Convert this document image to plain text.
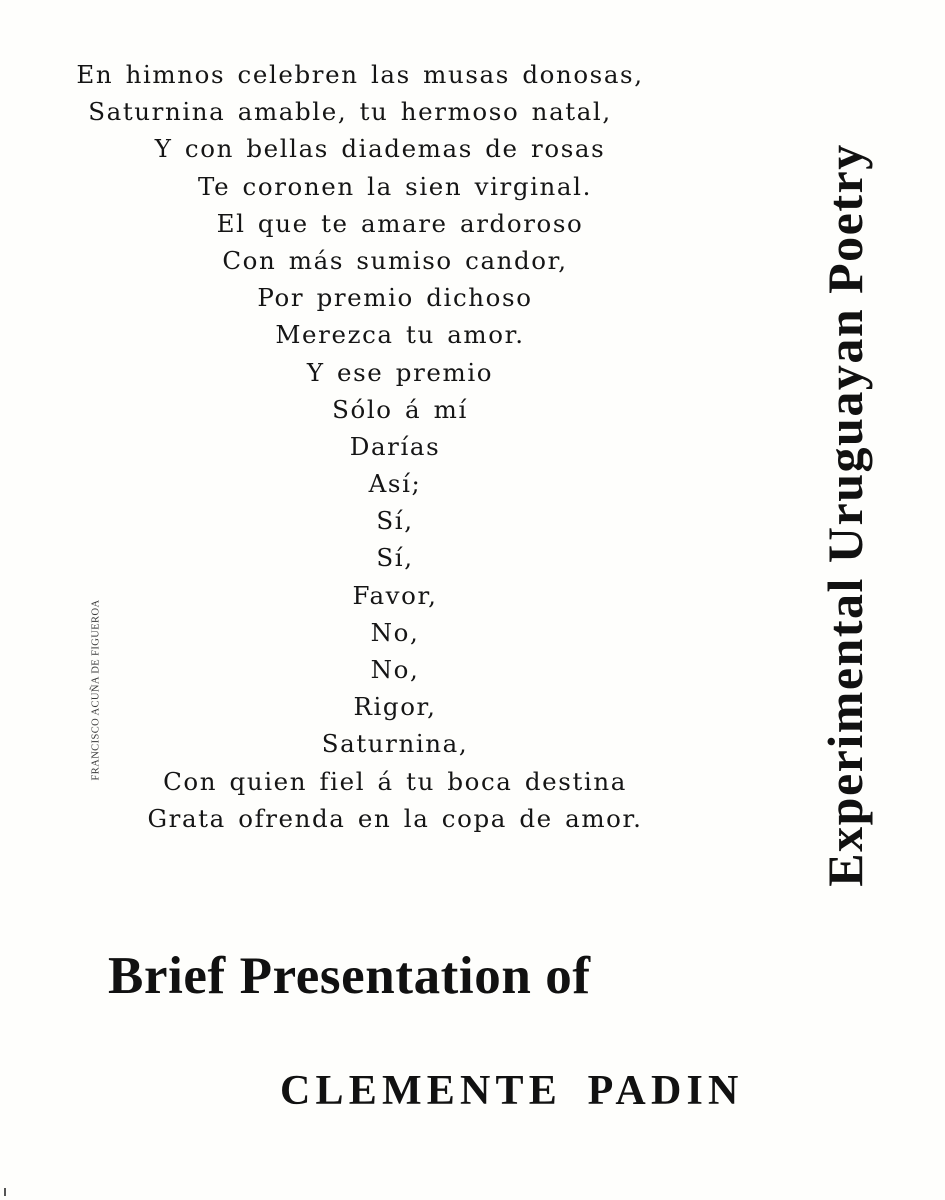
En himnos celebren las musas donosas,
Saturnina amable, tu hermoso natal,
Y con bellas diademas de rosas
Te coronen la sien virginal.
El que te amare ardoroso
Con más sumiso candor,
Por premio dichoso
Merezca tu amor.
Y ese premio
Sólo á mí
Darías
Así;
Sí,
Sí,
Favor,
No,
No,
Rigor,
Saturnina,
Con quien fiel á tu boca destina
Grata ofrenda en la copa de amor.
FRANCISCO ACUÑA DE FIGUEROA	Experimental Uruguayan Poetry
Brief Presentation of
CLEMENTE PADIN
